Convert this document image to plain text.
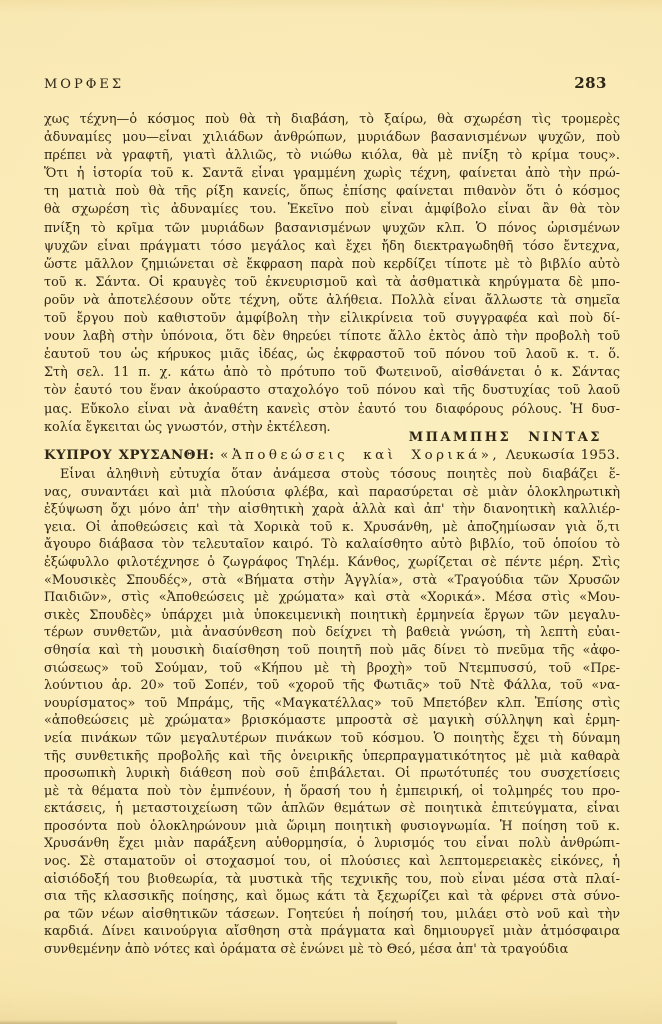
ΜΟΡΦΕΣ	283
χως τέχνη—ὁ κόσμος ποὺ θὰ τὴ διαβάση, τὸ ξαίρω, θὰ σχωρέση τὶς τρομερὲς
ἀδυναμίες μου—εἶναι χιλιάδων ἀνθρώπων, μυριάδων βασανισμένων ψυχῶν, ποὺ
πρέπει νὰ γραφτῆ, γιατὶ ἀλλιῶς, τὸ νιώθω κιόλα, θὰ μὲ πνίξη τὸ κρίμα τους».
Ὅτι ἡ ἱστορία τοῦ κ. Σαντᾶ εἶναι γραμμένη χωρὶς τέχνη, φαίνεται ἀπὸ τὴν πρώ-
τη ματιὰ ποὺ θὰ τῆς ρίξη κανείς, ὅπως ἐπίσης φαίνεται πιθανὸν ὅτι ὁ κόσμος
θὰ σχωρέση τὶς ἀδυναμίες του. Ἐκεῖνο ποὺ εἶναι ἀμφίβολο εἶναι ἂν θὰ τὸν
πνίξη τὸ κρῖμα τῶν μυριάδων βασανισμένων ψυχῶν κλπ. Ὁ πόνος ὡρισμένων
ψυχῶν εἶναι πράγματι τόσο μεγάλος καὶ ἔχει ἤδη διεκτραγωδηθῆ τόσο ἔντεχνα,
ὥστε μᾶλλον ζημιώνεται σὲ ἔκφραση παρὰ ποὺ κερδίζει τίποτε μὲ τὸ βιβλίο αὐτὸ
τοῦ κ. Σάντα. Οἱ κραυγὲς τοῦ ἐκνευρισμοῦ καὶ τὰ ἀσθματικὰ κηρύγματα δὲ μπο-
ροῦν νὰ ἀποτελέσουν οὔτε τέχνη, οὔτε ἀλήθεια. Πολλὰ εἶναι ἄλλωστε τὰ σημεῖα
τοῦ ἔργου ποὺ καθιστοῦν ἀμφίβολη τὴν εἰλικρίνεια τοῦ συγγραφέα καὶ ποὺ δί-
νουν λαβὴ στὴν ὑπόνοια, ὅτι δὲν θηρεύει τίποτε ἄλλο ἐκτὸς ἀπὸ τὴν προβολὴ τοῦ
ἑαυτοῦ του ὡς κήρυκος μιᾶς ἰδέας, ὡς ἐκφραστοῦ τοῦ πόνου τοῦ λαοῦ κ. τ. ὅ.
Στὴ σελ. 11 π. χ. κάτω ἀπὸ τὸ πρότυπο τοῦ Φωτεινοῦ, αἰσθάνεται ὁ κ. Σάντας
τὸν ἑαυτό του ἕναν ἀκούραστο σταχολόγο τοῦ πόνου καὶ τῆς δυστυχίας τοῦ λαοῦ
μας. Εὔκολο εἶναι νὰ ἀναθέτη κανεὶς στὸν ἑαυτό του διαφόρους ρόλους. Ἡ δυσ-
κολία ἔγκειται ὡς γνωστόν, στὴν ἐκτέλεση.
ΜΠΑΜΠΗΣ ΝΙΝΤΑΣ
ΚΥΠΡΟΥ ΧΡΥΣΑΝΘΗ: «Ἀποθεώσεις καὶ Χορικά», Λευκωσία 1953.
Εἶναι ἀληθινὴ εὐτυχία ὅταν ἀνάμεσα στοὺς τόσους ποιητὲς ποὺ διαβάζει ἕ-
νας, συναντάει καὶ μιὰ πλούσια φλέβα, καὶ παρασύρεται σὲ μιὰν ὁλοκληρωτικὴ
ἐξύψωση ὄχι μόνο ἀπ' τὴν αἰσθητικὴ χαρὰ ἀλλὰ καὶ ἀπ' τὴν διανοητικὴ καλλιέρ-
γεια. Οἱ ἀποθεώσεις καὶ τὰ Χορικὰ τοῦ κ. Χρυσάνθη, μὲ ἀποζημίωσαν γιὰ ὅ,τι
ἄγουρο διάβασα τὸν τελευταῖον καιρό. Τὸ καλαίσθητο αὐτὸ βιβλίο, τοῦ ὁποίου τὸ
ἐξώφυλλο φιλοτέχνησε ὁ ζωγράφος Τηλέμ. Κάνθος, χωρίζεται σὲ πέντε μέρη. Στὶς
«Μουσικὲς Σπουδές», στὰ «Βήματα στὴν Ἀγγλία», στὰ «Τραγούδια τῶν Χρυσῶν
Παιδιῶν», στὶς «Ἀποθεώσεις μὲ χρώματα» καὶ στὰ «Χορικά». Μέσα στὶς «Μου-
σικὲς Σπουδὲς» ὑπάρχει μιὰ ὑποκειμενικὴ ποιητικὴ ἑρμηνεία ἔργων τῶν μεγαλυ-
τέρων συνθετῶν, μιὰ ἀνασύνθεση ποὺ δείχνει τὴ βαθειὰ γνώση, τὴ λεπτὴ εὐαι-
σθησία καὶ τὴ μουσικὴ διαίσθηση τοῦ ποιητῆ ποὺ μᾶς δίνει τὸ πνεῦμα τῆς «ἀφο-
σιώσεως» τοῦ Σούμαν, τοῦ «Κήπου μὲ τὴ βροχὴ» τοῦ Ντεμπυσσύ, τοῦ «Πρε-
λούντιου ἀρ. 20» τοῦ Σοπέν, τοῦ «χοροῦ τῆς Φωτιᾶς» τοῦ Ντὲ Φάλλα, τοῦ «να-
νουρίσματος» τοῦ Μπράμς, τῆς «Μαγκατέλλας» τοῦ Μπετόβεν κλπ. Ἐπίσης στὶς
«ἀποθεώσεις μὲ χρώματα» βρισκόμαστε μπροστὰ σὲ μαγικὴ σύλληψη καὶ ἑρμη-
νεία πινάκων τῶν μεγαλυτέρων πινάκων τοῦ κόσμου. Ὁ ποιητὴς ἔχει τὴ δύναμη
τῆς συνθετικῆς προβολῆς καὶ τῆς ὀνειρικῆς ὑπερπραγματικότητος μὲ μιὰ καθαρὰ
προσωπικὴ λυρικὴ διάθεση ποὺ σοῦ ἐπιβάλεται. Οἱ πρωτότυπές του συσχετίσεις
μὲ τὰ θέματα ποὺ τὸν ἐμπνέουν, ἡ ὅρασή του ἡ ἐμπειρική, οἱ τολμηρές του προ-
εκτάσεις, ἡ μεταστοιχείωση τῶν ἁπλῶν θεμάτων σὲ ποιητικὰ ἐπιτεύγματα, εἶναι
προσόντα ποὺ ὁλοκληρώνουν μιὰ ὥριμη ποιητικὴ φυσιογνωμία. Ἡ ποίηση τοῦ κ.
Χρυσάνθη ἔχει μιὰν παράξενη αὐθορμησία, ὁ λυρισμός του εἶναι πολὺ ἀνθρώπι-
νος. Σὲ σταματοῦν οἱ στοχασμοί του, οἱ πλούσιες καὶ λεπτομερειακὲς εἰκόνες, ἡ
αἰσιόδοξή του βιοθεωρία, τὰ μυστικὰ τῆς τεχνικῆς του, ποὺ εἶναι μέσα στὰ πλαί-
σια τῆς κλασσικῆς ποίησης, καὶ ὅμως κάτι τὰ ξεχωρίζει καὶ τὰ φέρνει στὰ σύνο-
ρα τῶν νέων αἰσθητικῶν τάσεων. Γοητεύει ἡ ποίησή του, μιλάει στὸ νοῦ καὶ τὴν
καρδιά. Δίνει καινούργια αἴσθηση στὰ πράγματα καὶ δημιουργεῖ μιὰν ἀτμόσφαιρα
συνθεμένην ἀπὸ νότες καὶ ὁράματα σὲ ἑνώνει μὲ τὸ Θεό, μέσα ἀπ' τὰ τραγούδια
